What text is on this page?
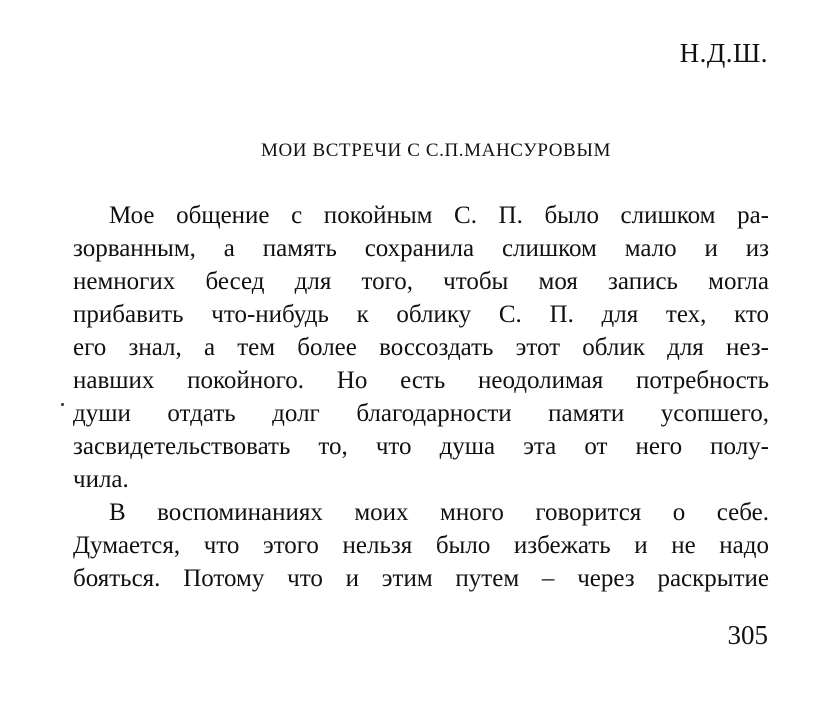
Н.Д.Ш.
МОИ ВСТРЕЧИ С С.П.МАНСУРОВЫМ
Мое общение с покойным С. П. было слишком ра-
зорванным, а память сохранила слишком мало и из
немногих бесед для того, чтобы моя запись могла
прибавить что-нибудь к облику С. П. для тех, кто
его знал, а тем более воссоздать этот облик для нез-
навших покойного. Но есть неодолимая потребность
души отдать долг благодарности памяти усопшего,
засвидетельствовать то, что душа эта от него полу-
чила.
В воспоминаниях моих много говорится о себе.
Думается, что этого нельзя было избежать и не надо
бояться. Потому что и этим путем – через раскрытие
305
